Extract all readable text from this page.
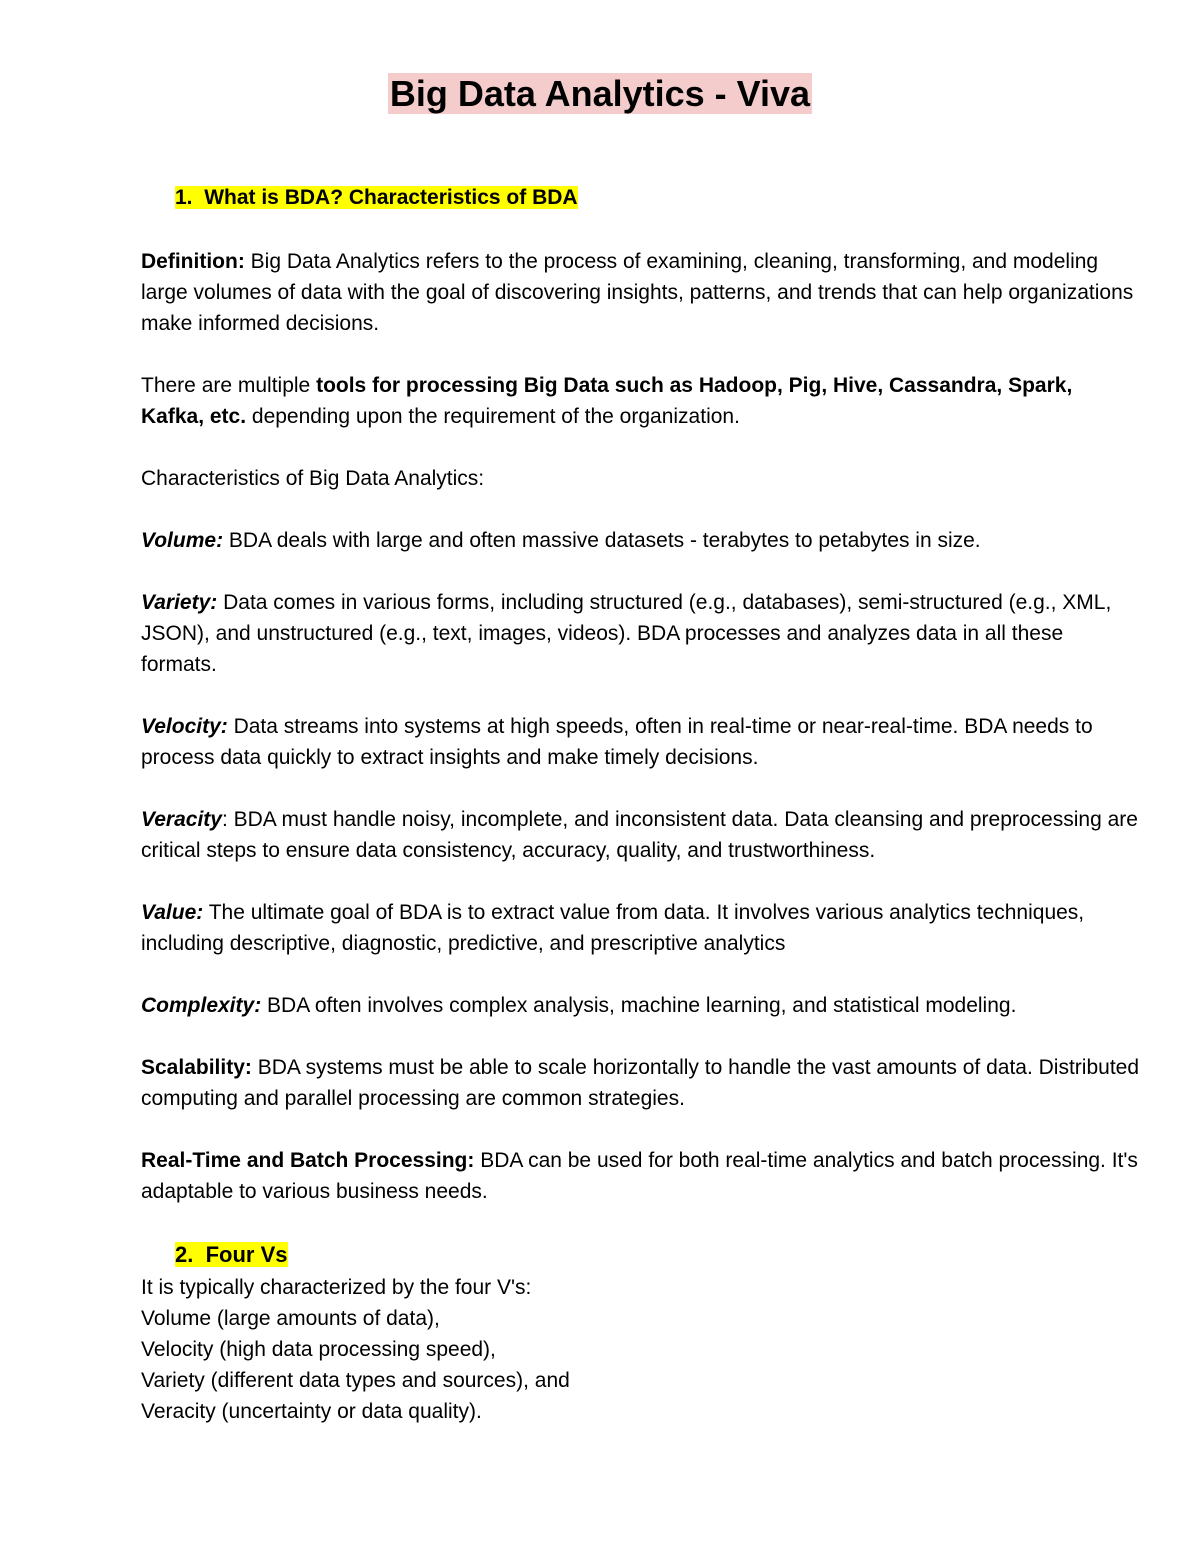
Big Data Analytics - Viva
1. What is BDA? Characteristics of BDA

Definition: Big Data Analytics refers to the process of examining, cleaning, transforming, and modeling large volumes of data with the goal of discovering insights, patterns, and trends that can help organizations make informed decisions.

There are multiple tools for processing Big Data such as Hadoop, Pig, Hive, Cassandra, Spark, Kafka, etc. depending upon the requirement of the organization.

Characteristics of Big Data Analytics:

Volume: BDA deals with large and often massive datasets - terabytes to petabytes in size.

Variety: Data comes in various forms, including structured (e.g., databases), semi-structured (e.g., XML, JSON), and unstructured (e.g., text, images, videos). BDA processes and analyzes data in all these formats.

Velocity: Data streams into systems at high speeds, often in real-time or near-real-time. BDA needs to process data quickly to extract insights and make timely decisions.

Veracity: BDA must handle noisy, incomplete, and inconsistent data. Data cleansing and preprocessing are critical steps to ensure data consistency, accuracy, quality, and trustworthiness.

Value: The ultimate goal of BDA is to extract value from data. It involves various analytics techniques, including descriptive, diagnostic, predictive, and prescriptive analytics

Complexity: BDA often involves complex analysis, machine learning, and statistical modeling.

Scalability: BDA systems must be able to scale horizontally to handle the vast amounts of data. Distributed computing and parallel processing are common strategies.

Real-Time and Batch Processing: BDA can be used for both real-time analytics and batch processing. It's adaptable to various business needs.

2. Four Vs

It is typically characterized by the four V's:

Volume (large amounts of data),

Velocity (high data processing speed),

Variety (different data types and sources), and

Veracity (uncertainty or data quality).
